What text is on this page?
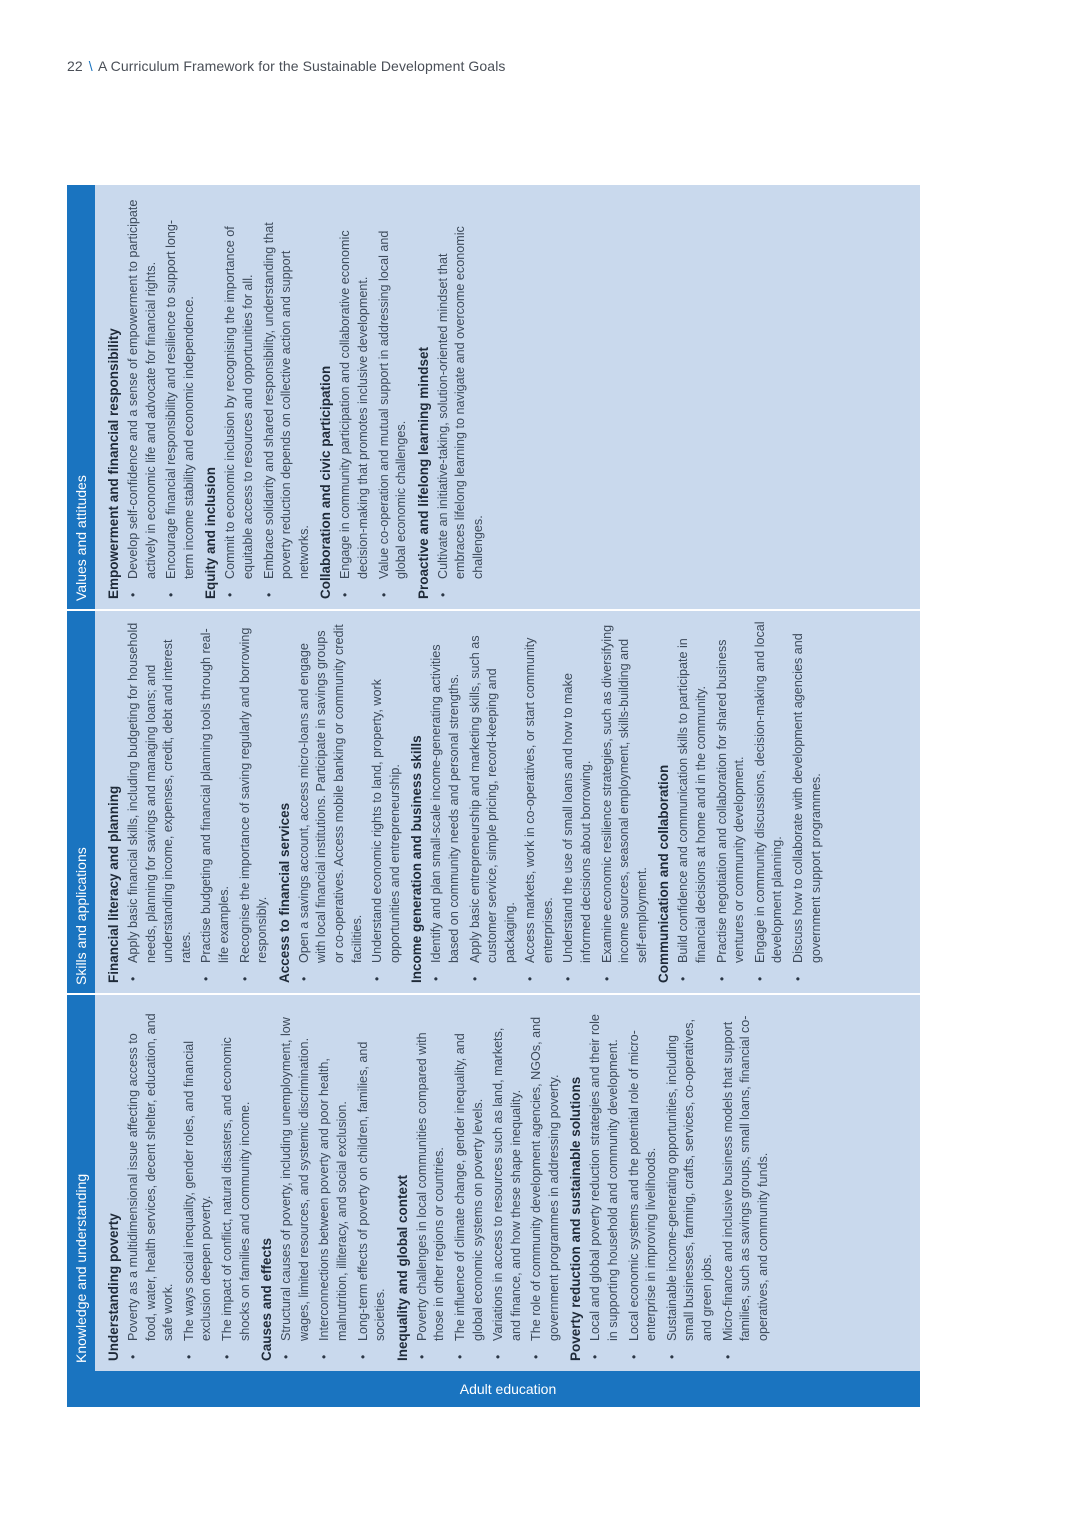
22 \ A Curriculum Framework for the Sustainable Development Goals
Adult education
Knowledge and understanding	Understanding poverty • Poverty as a multidimensional issue affecting access to food, water, health services, decent shelter, education, and safe work. • The ways social inequality, gender roles, and financial exclusion deepen poverty. • The impact of conflict, natural disasters, and economic shocks on families and community income. Causes and effects • Structural causes of poverty, including unemployment, low wages, limited resources, and systemic discrimination. • Interconnections between poverty and poor health, malnutrition, illiteracy, and social exclusion. • Long-term effects of poverty on children, families, and societies. Inequality and global context • Poverty challenges in local communities compared with those in other regions or countries. • The influence of climate change, gender inequality, and global economic systems on poverty levels. • Variations in access to resources such as land, markets, and finance, and how these shape inequality. • The role of community development agencies, NGOs, and government programmes in addressing poverty. Poverty reduction and sustainable solutions • Local and global poverty reduction strategies and their role in supporting household and community development. • Local economic systems and the potential role of micro-enterprise in improving livelihoods. • Sustainable income-generating opportunities, including small businesses, farming, crafts, services, co-operatives, and green jobs. • Micro-finance and inclusive business models that support families, such as savings groups, small loans, financial co-operatives, and community funds.
Skills and applications	Financial literacy and planning • Apply basic financial skills, including budgeting for household needs, planning for savings and managing loans; and understanding income, expenses, credit, debt and interest rates. • Practise budgeting and financial planning tools through real-life examples. • Recognise the importance of saving regularly and borrowing responsibly. Access to financial services • Open a savings account, access micro-loans and engage with local financial institutions. Participate in savings groups or co-operatives. Access mobile banking or community credit facilities. • Understand economic rights to land, property, work opportunities and entrepreneurship. Income generation and business skills • Identify and plan small-scale income-generating activities based on community needs and personal strengths. • Apply basic entrepreneurship and marketing skills, such as customer service, simple pricing, record-keeping and packaging. • Access markets, work in co-operatives, or start community enterprises. • Understand the use of small loans and how to make informed decisions about borrowing. • Examine economic resilience strategies, such as diversifying income sources, seasonal employment, skills-building and self-employment. Communication and collaboration • Build confidence and communication skills to participate in financial decisions at home and in the community. • Practise negotiation and collaboration for shared business ventures or community development. • Engage in community discussions, decision-making and local development planning. • Discuss how to collaborate with development agencies and government support programmes.
Values and attitudes	Empowerment and financial responsibility • Develop self-confidence and a sense of empowerment to participate actively in economic life and advocate for financial rights. • Encourage financial responsibility and resilience to support long-term income stability and economic independence. Equity and inclusion • Commit to economic inclusion by recognising the importance of equitable access to resources and opportunities for all. • Embrace solidarity and shared responsibility, understanding that poverty reduction depends on collective action and support networks. Collaboration and civic participation • Engage in community participation and collaborative economic decision-making that promotes inclusive development. • Value co-operation and mutual support in addressing local and global economic challenges. Proactive and lifelong learning mindset • Cultivate an initiative-taking, solution-oriented mindset that embraces lifelong learning to navigate and overcome economic challenges.
